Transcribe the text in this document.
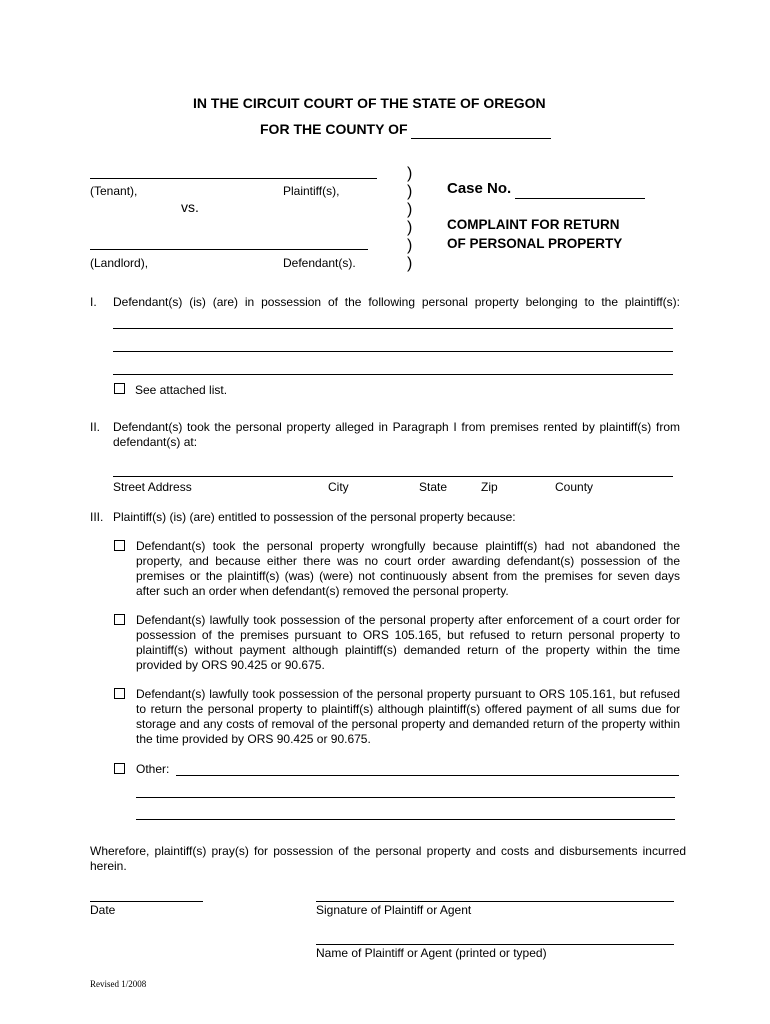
IN THE CIRCUIT COURT OF THE STATE OF OREGON
FOR THE COUNTY OF
(Tenant),	Plaintiff(s),
vs.
(Landlord),	Defendant(s).
)
)
)
)
)
)
Case No.
COMPLAINT FOR RETURN
OF PERSONAL PROPERTY
I. Defendant(s) (is) (are) in possession of the following personal property belonging to the plaintiff(s):
See attached list.
II. Defendant(s) took the personal property alleged in Paragraph I from premises rented by plaintiff(s) from defendant(s) at:
Street Address	City	State	Zip	County
III. Plaintiff(s) (is) (are) entitled to possession of the personal property because:
Defendant(s) took the personal property wrongfully because plaintiff(s) had not abandoned the property, and because either there was no court order awarding defendant(s) possession of the premises or the plaintiff(s) (was) (were) not continuously absent from the premises for seven days after such an order when defendant(s) removed the personal property.
Defendant(s) lawfully took possession of the personal property after enforcement of a court order for possession of the premises pursuant to ORS 105.165, but refused to return personal property to plaintiff(s) without payment although plaintiff(s) demanded return of the property within the time provided by ORS 90.425 or 90.675.
Defendant(s) lawfully took possession of the personal property pursuant to ORS 105.161, but refused to return the personal property to plaintiff(s) although plaintiff(s) offered payment of all sums due for storage and any costs of removal of the personal property and demanded return of the property within the time provided by ORS 90.425 or 90.675.
Other:
Wherefore, plaintiff(s) pray(s) for possession of the personal property and costs and disbursements incurred herein.
Date	Signature of Plaintiff or Agent
Name of Plaintiff or Agent (printed or typed)
Revised 1/2008
